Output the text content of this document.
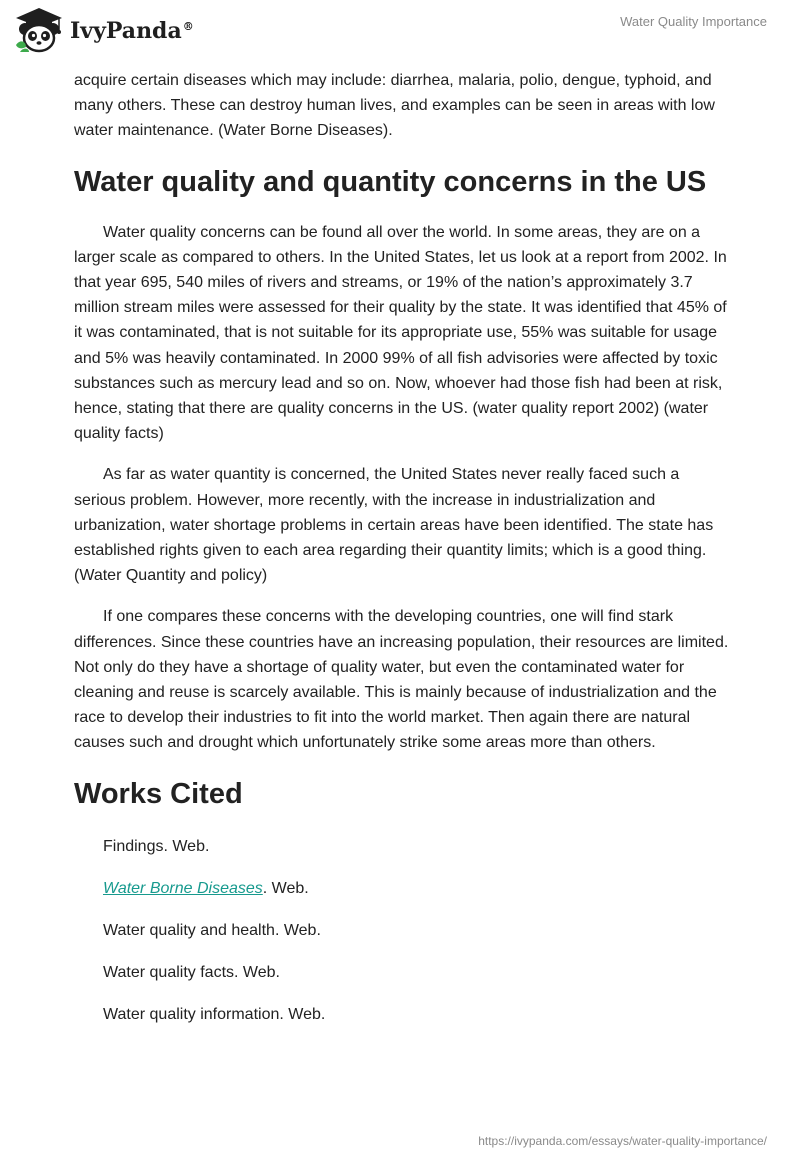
IvyPanda®	Water Quality Importance

acquire certain diseases which may include: diarrhea, malaria, polio, dengue, typhoid, and many others. These can destroy human lives, and examples can be seen in areas with low water maintenance. (Water Borne Diseases).

Water quality and quantity concerns in the US

Water quality concerns can be found all over the world. In some areas, they are on a larger scale as compared to others. In the United States, let us look at a report from 2002. In that year 695, 540 miles of rivers and streams, or 19% of the nation’s approximately 3.7 million stream miles were assessed for their quality by the state. It was identified that 45% of it was contaminated, that is not suitable for its appropriate use, 55% was suitable for usage and 5% was heavily contaminated. In 2000 99% of all fish advisories were affected by toxic substances such as mercury lead and so on. Now, whoever had those fish had been at risk, hence, stating that there are quality concerns in the US. (water quality report 2002) (water quality facts)

As far as water quantity is concerned, the United States never really faced such a serious problem. However, more recently, with the increase in industrialization and urbanization, water shortage problems in certain areas have been identified. The state has established rights given to each area regarding their quantity limits; which is a good thing. (Water Quantity and policy)

If one compares these concerns with the developing countries, one will find stark differences. Since these countries have an increasing population, their resources are limited. Not only do they have a shortage of quality water, but even the contaminated water for cleaning and reuse is scarcely available. This is mainly because of industrialization and the race to develop their industries to fit into the world market. Then again there are natural causes such and drought which unfortunately strike some areas more than others.

Works Cited
Findings. Web.
Water Borne Diseases. Web.
Water quality and health. Web.
Water quality facts. Web.
Water quality information. Web.
https://ivypanda.com/essays/water-quality-importance/
